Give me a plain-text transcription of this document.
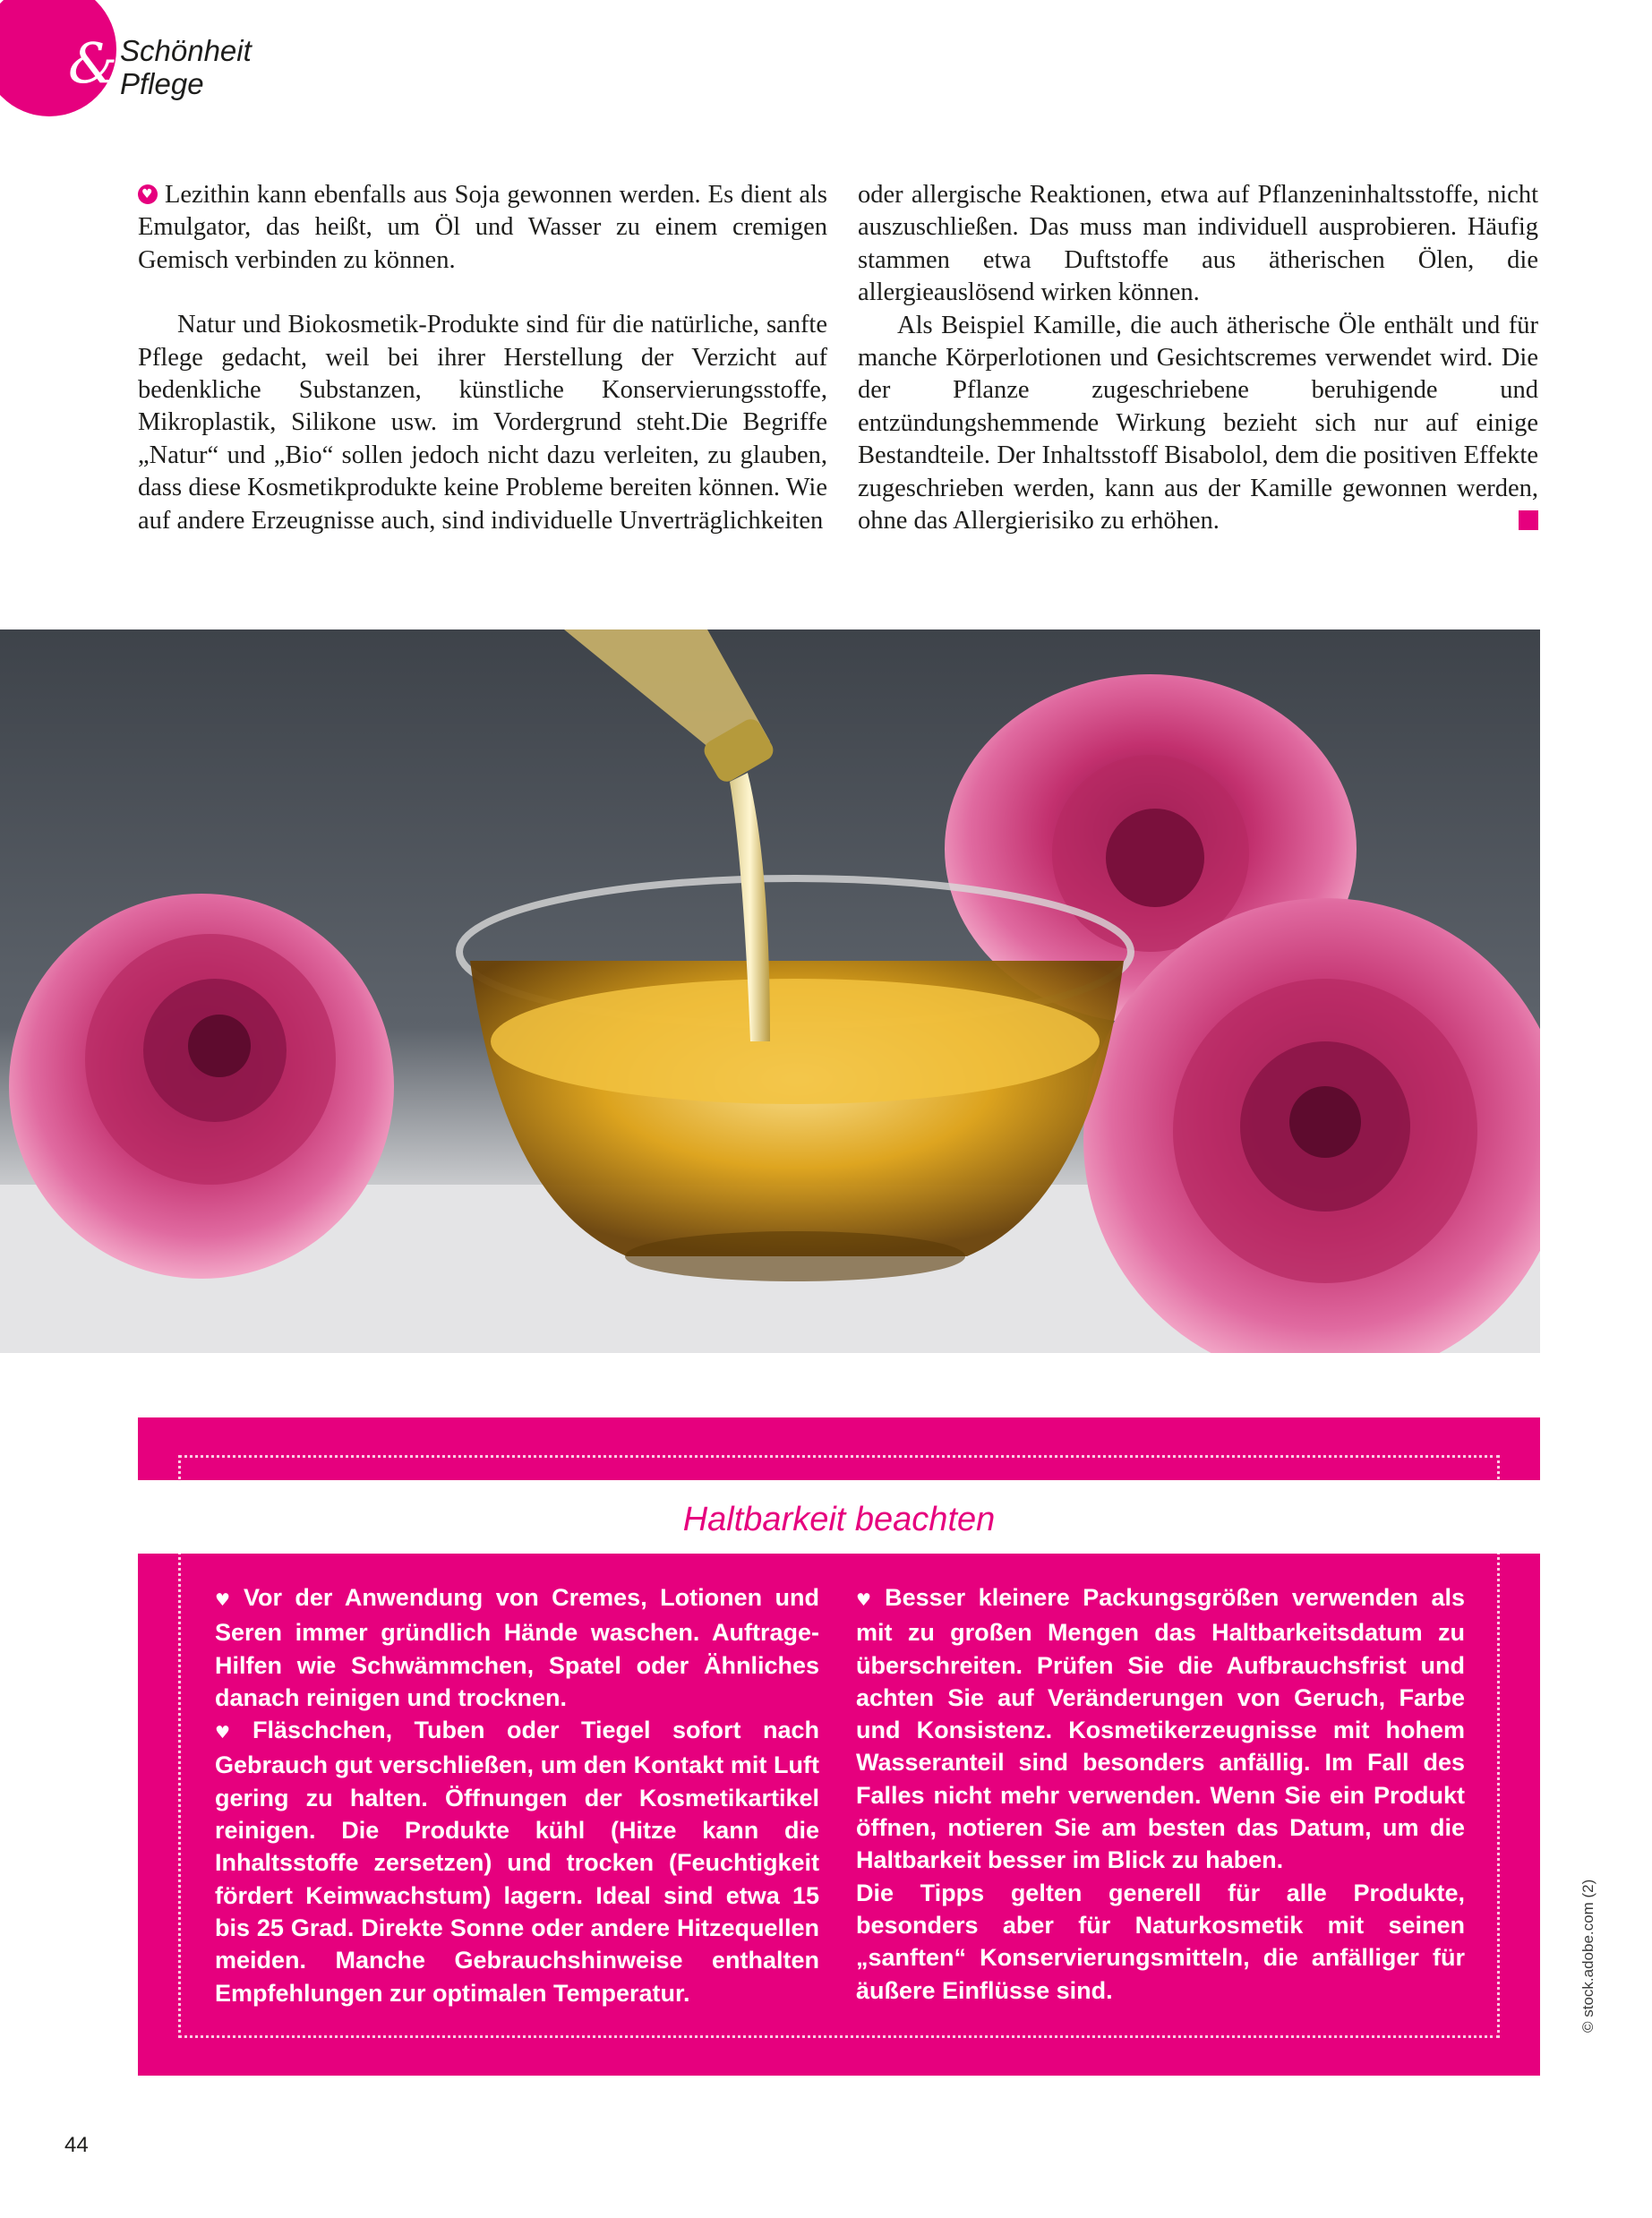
& Schönheit
Pflege

♥Lezithin kann ebenfalls aus Soja gewonnen werden. Es dient als Emulgator, das heißt, um Öl und Wasser zu einem cremigen Gemisch verbinden zu können.

Natur und Biokosmetik-Produkte sind für die natürliche, sanfte Pflege gedacht, weil bei ihrer Herstellung der Verzicht auf bedenkliche Substanzen, künstliche Konservierungsstoffe, Mikroplastik, Silikone usw. im Vordergrund steht.Die Begriffe „Natur“ und „Bio“ sollen jedoch nicht dazu verleiten, zu glauben, dass diese Kosmetikprodukte keine Probleme bereiten können. Wie auf andere Erzeugnisse auch, sind individuelle Unverträglichkeiten

oder allergische Reaktionen, etwa auf Pflanzeninhaltsstoffe, nicht auszuschließen. Das muss man individuell ausprobieren. Häufig stammen etwa Duftstoffe aus ätherischen Ölen, die allergieauslösend wirken können.

Als Beispiel Kamille, die auch ätherische Öle enthält und für manche Körperlotionen und Gesichtscremes verwendet wird. Die der Pflanze zugeschriebene beruhigende und entzündungshemmende Wirkung bezieht sich nur auf einige Bestandteile. Der Inhaltsstoff Bisabolol, dem die positiven Effekte zugeschrieben werden, kann aus der Kamille gewonnen werden, ohne das Allergierisiko zu erhöhen.

Haltbarkeit beachten

♥ Vor der Anwendung von Cremes, Lotionen und Seren immer gründlich Hände waschen. Auftrage-Hilfen wie Schwämmchen, Spatel oder Ähnliches danach reinigen und trocknen.

♥ Fläschchen, Tuben oder Tiegel sofort nach Gebrauch gut verschließen, um den Kontakt mit Luft gering zu halten. Öffnungen der Kosmetikartikel reinigen. Die Produkte kühl (Hitze kann die Inhaltsstoffe zersetzen) und trocken (Feuchtigkeit fördert Keimwachstum) lagern. Ideal sind etwa 15 bis 25 Grad. Direkte Sonne oder andere Hitzequellen meiden. Manche Gebrauchshinweise enthalten Empfehlungen zur optimalen Temperatur.

♥ Besser kleinere Packungsgrößen verwenden als mit zu großen Mengen das Haltbarkeitsdatum zu überschreiten. Prüfen Sie die Aufbrauchsfrist und achten Sie auf Veränderungen von Geruch, Farbe und Konsistenz. Kosmetikerzeugnisse mit hohem Wasseranteil sind besonders anfällig. Im Fall des Falles nicht mehr verwenden. Wenn Sie ein Produkt öffnen, notieren Sie am besten das Datum, um die Haltbarkeit besser im Blick zu haben.

Die Tipps gelten generell für alle Produkte, besonders aber für Naturkosmetik mit seinen „sanften“ Konservierungsmitteln, die anfälliger für äußere Einflüsse sind.	© stock.adobe.com (2)
44
